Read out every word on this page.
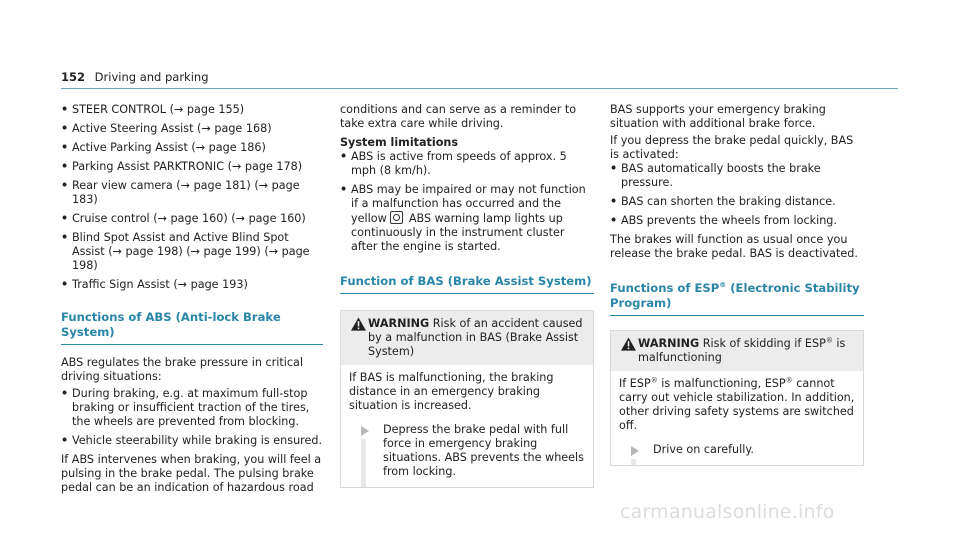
152 Driving and parking
• STEER CONTROL (→ page 155)
• Active Steering Assist (→ page 168)
• Active Parking Assist (→ page 186)
• Parking Assist PARKTRONIC (→ page 178)
• Rear view camera (→ page 181) (→ page 183)
• Cruise control (→ page 160) (→ page 160)
• Blind Spot Assist and Active Blind Spot Assist (→ page 198) (→ page 199) (→ page 198)
• Traffic Sign Assist (→ page 193)
Functions of ABS (Anti-lock Brake System)

ABS regulates the brake pressure in critical driving situations:

• During braking, e.g. at maximum full-stop braking or insufficient traction of the tires, the wheels are prevented from blocking.
• Vehicle steerability while braking is ensured.

If ABS intervenes when braking, you will feel a pulsing in the brake pedal. The pulsing brake pedal can be an indication of hazardous road

conditions and can serve as a reminder to take extra care while driving.

System limitations

• ABS is active from speeds of approx. 5 mph (8 km/h).
• ABS may be impaired or may not function if a malfunction has occurred and the yellow ABS warning lamp lights up continuously in the instrument cluster after the engine is started.
Function of BAS (Brake Assist System)
WARNING Risk of an accident caused by a malfunction in BAS (Brake Assist System)

If BAS is malfunctioning, the braking distance in an emergency braking situation is increased.

Depress the brake pedal with full force in emergency braking situations. ABS prevents the wheels from locking.

BAS supports your emergency braking situation with additional brake force.

If you depress the brake pedal quickly, BAS is activated:

• BAS automatically boosts the brake pressure.
• BAS can shorten the braking distance.
• ABS prevents the wheels from locking.

The brakes will function as usual once you release the brake pedal. BAS is deactivated.

Functions of ESP® (Electronic Stability Program)
WARNING Risk of skidding if ESP® is malfunctioning

If ESP® is malfunctioning, ESP® cannot carry out vehicle stabilization. In addition, other driving safety systems are switched off.

Drive on carefully.
carmanualsonline.info
